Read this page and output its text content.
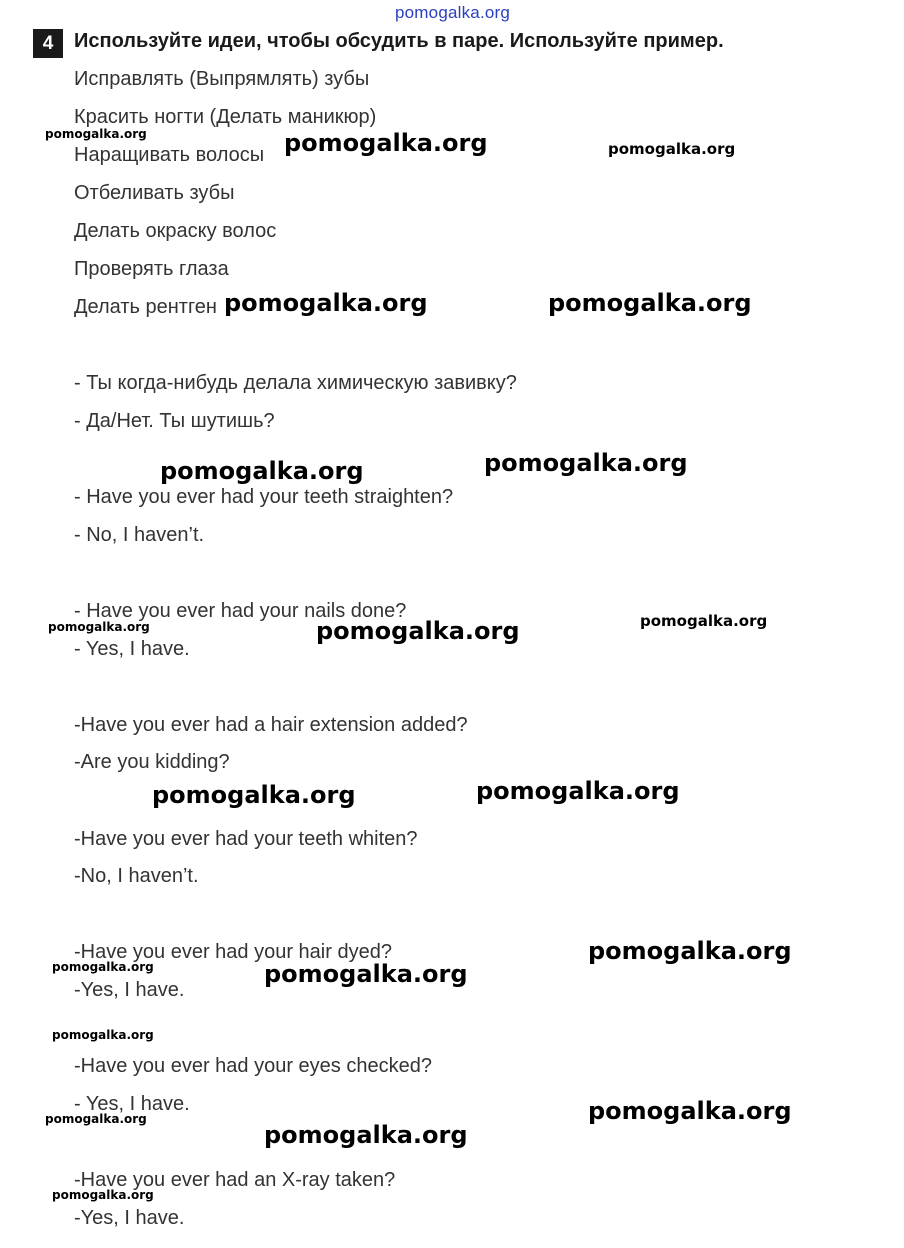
pomogalka.org
4	Используйте идеи, чтобы обсудить в паре. Используйте пример.
Исправлять (Выпрямлять) зубы
Красить ногти (Делать маникюр)
Наращивать волосы
Отбеливать зубы
Делать окраску волос
Проверять глаза
Делать рентген
- Ты когда-нибудь делала химическую завивку?
- Да/Нет. Ты шутишь?
- Have you ever had your teeth straighten?
- No, I haven’t.
- Have you ever had your nails done?
- Yes, I have.
-Have you ever had a hair extension added?
-Are you kidding?
-Have you ever had your teeth whiten?
-No, I haven’t.
-Have you ever had your hair dyed?
-Yes, I have.
-Have you ever had your eyes checked?
- Yes, I have.
-Have you ever had an X-ray taken?
-Yes, I have.
pomogalka.org	pomogalka.org	pomogalka.org
pomogalka.org	pomogalka.org
pomogalka.org	pomogalka.org
pomogalka.org	pomogalka.org	pomogalka.org
pomogalka.org	pomogalka.org
pomogalka.org	pomogalka.org
pomogalka.org
pomogalka.org
pomogalka.org	pomogalka.org
pomogalka.org
pomogalka.org
